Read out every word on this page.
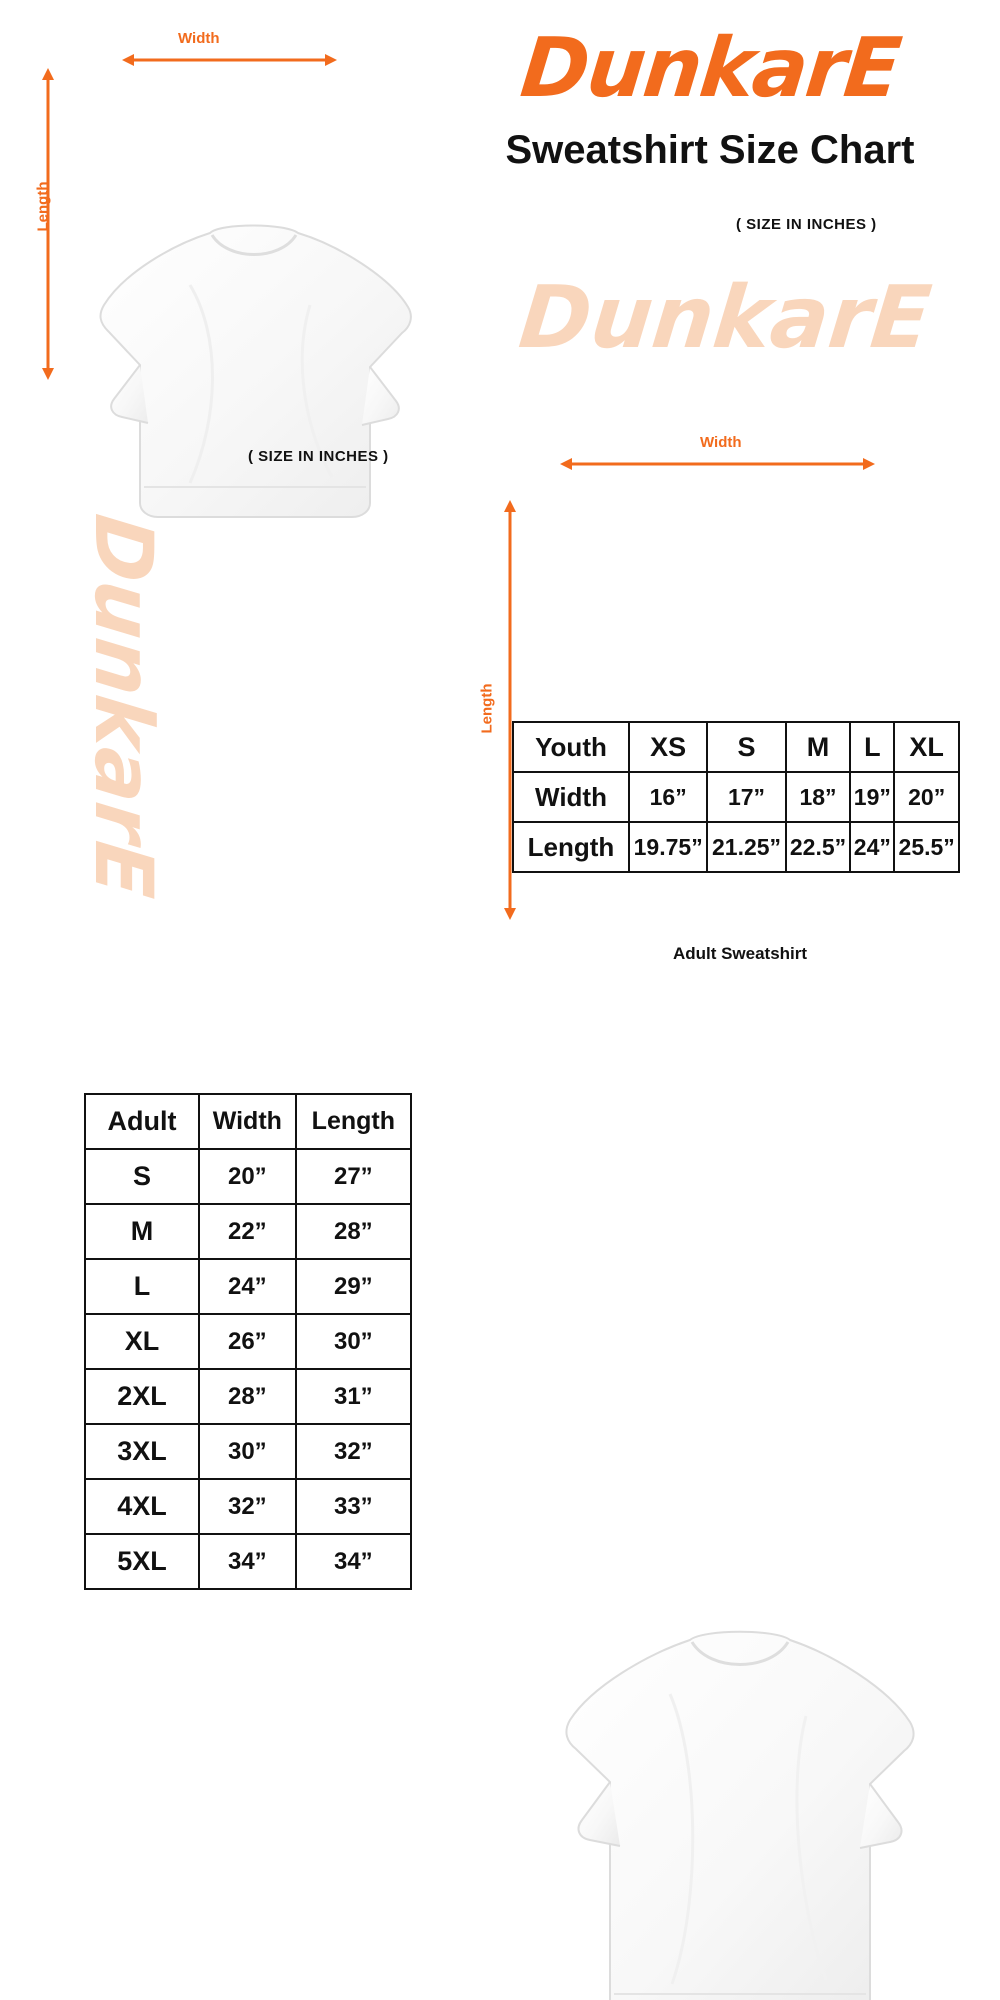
DunkarE
DunkarE
DunkarE
Sweatshirt Size Chart
Width
Length	( SIZE IN INCHES )
Youth	XS	S	M	L	XL
Width	16”	17”	18”	19”	20”
Length	19.75”	21.25”	22.5”	24”	25.5”
( SIZE IN INCHES )
Adult	Width	Length
S	20”	27”
M	22”	28”
L	24”	29”
XL	26”	30”
2XL	28”	31”
3XL	30”	32”
4XL	32”	33”
5XL	34”	34”
Adult Sweatshirt
Width
Length
